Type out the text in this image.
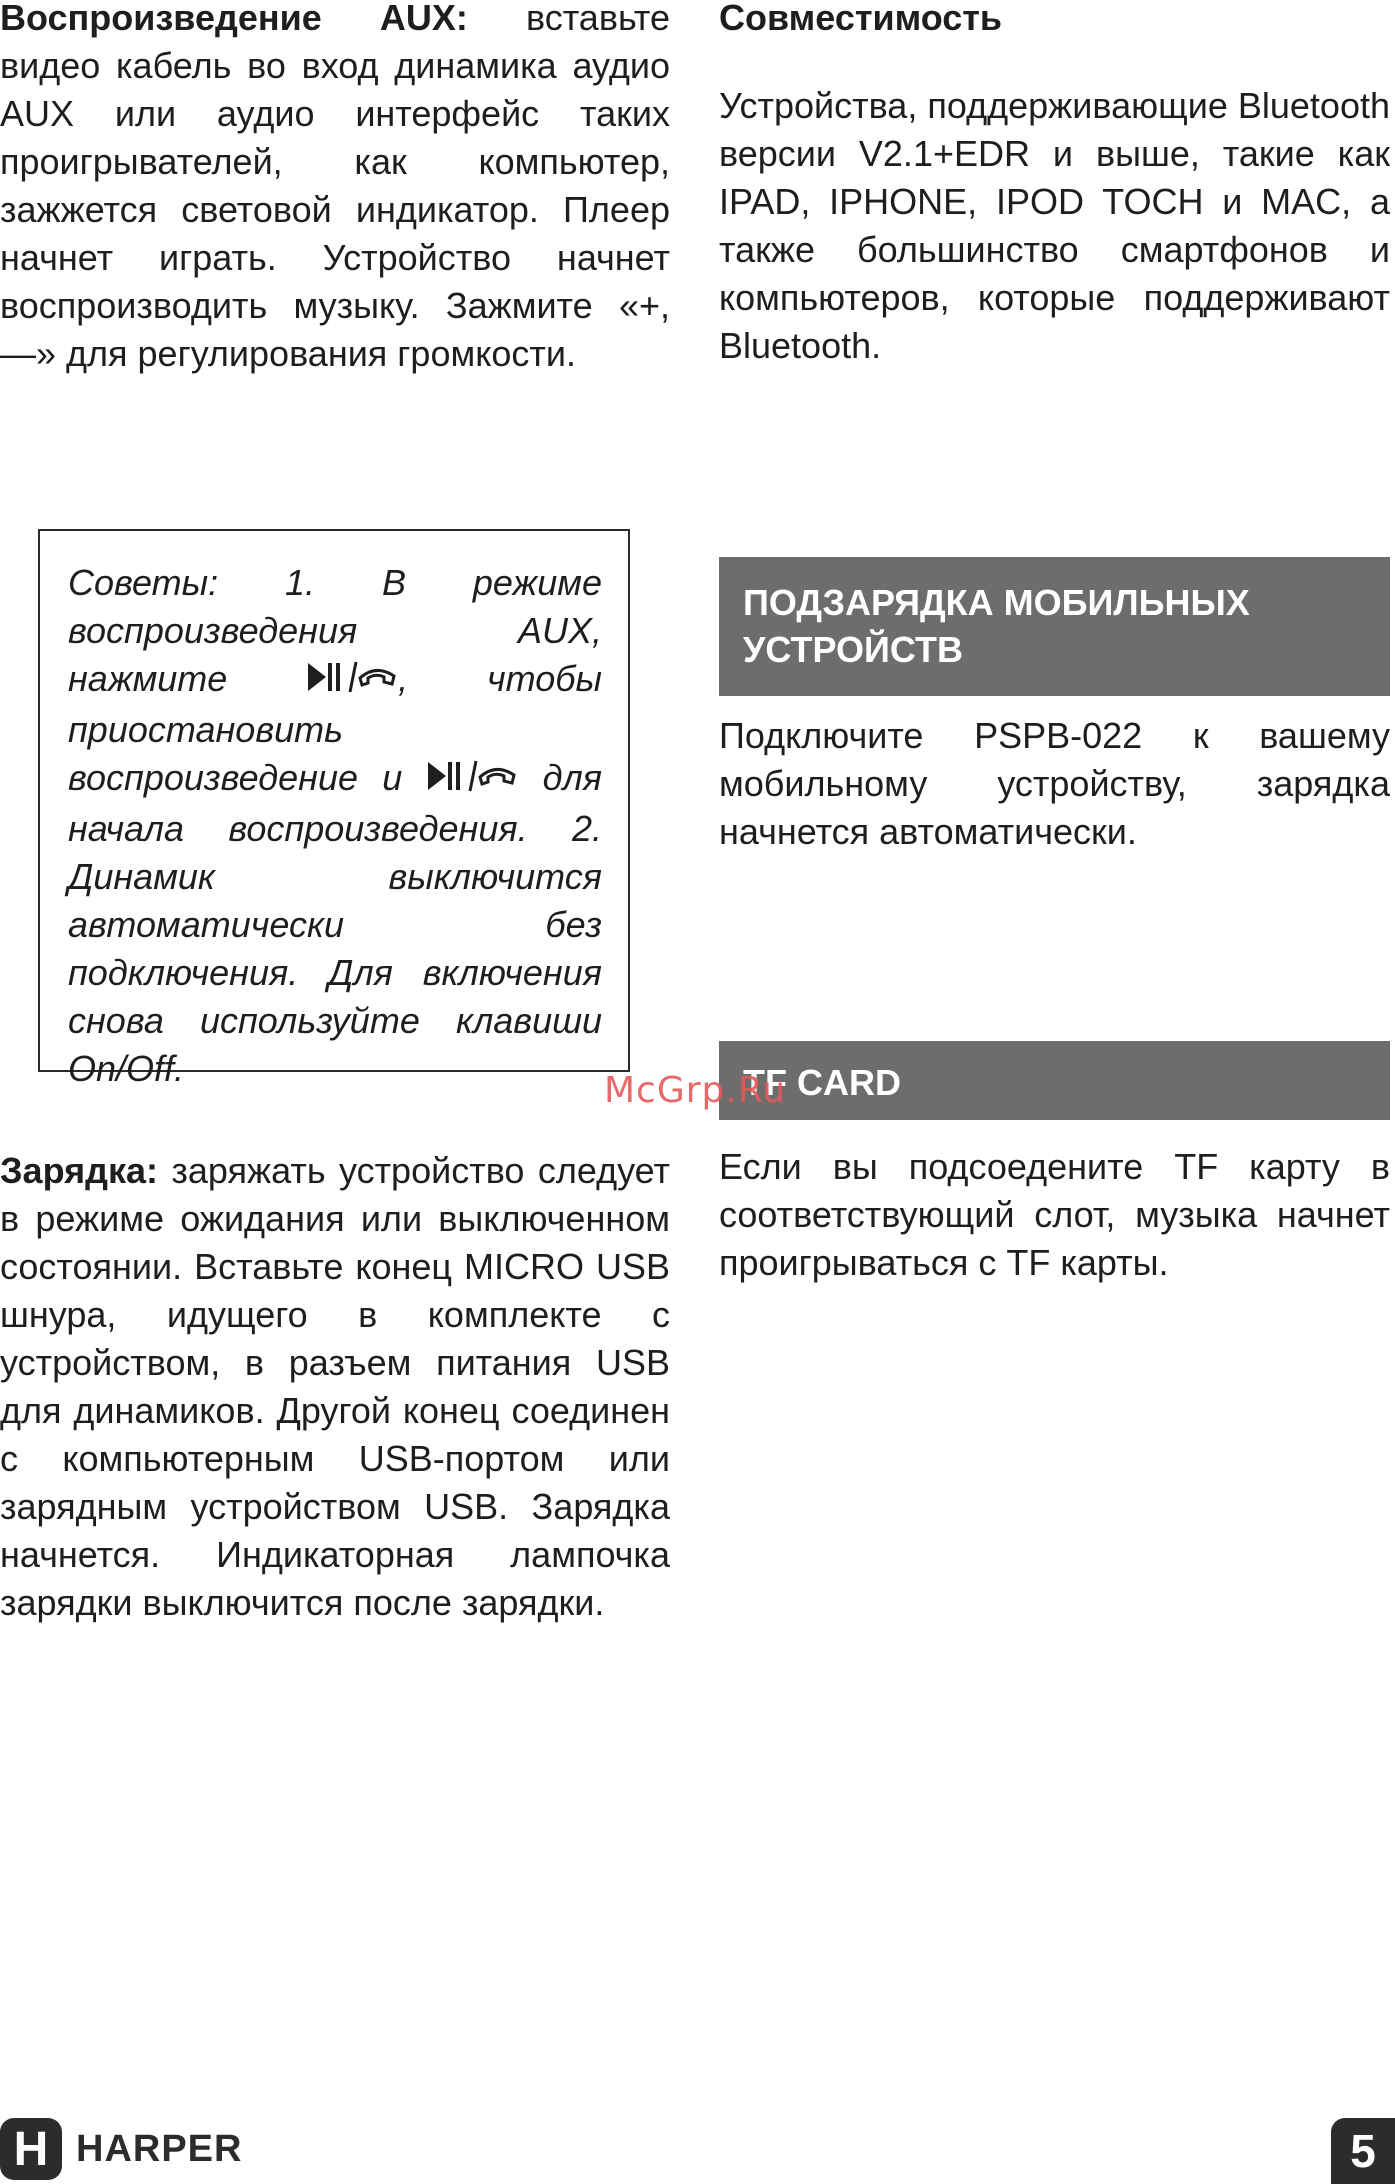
Воспроизведение AUX: вставьте видео кабель во вход динамика аудио AUX или аудио интерфейс таких проигрывателей, как компьютер, зажжется световой индикатор. Плеер начнет играть. Устройство начнет воспроизводить музыку. Зажмите «+, —» для регулирования громкости.

Советы: 1. В режиме воспроизведения AUX, нажмите	, чтобы приостановить воспроизведение и	для начала воспроизведения. 2. Динамик выключится автоматически без подключения. Для включения снова используйте клавиши On/Off.

Зарядка: заряжать устройство следует в режиме ожидания или выключенном состоянии. Вставьте конец MICRO USB шнура, идущего в комплекте с устройством, в разъем питания USB для динамиков. Другой конец соединен с компьютерным USB-портом или зарядным устройством USB. Зарядка начнется. Индикаторная лампочка зарядки выключится после зарядки.

Совместимость

Устройства, поддерживающие Bluetooth версии V2.1+EDR и выше, такие как IPAD, IPHONE, IPOD TOCH и MAC, а также большинство смартфонов и компьютеров, которые поддерживают Bluetooth.

ПОДЗАРЯДКА МОБИЛЬНЫХ УСТРОЙСТВ

Подключите PSPB-022 к вашему мобильному устройству, зарядка начнется автоматически.

TF CARD

Если вы подсоедените TF карту в соответствующий слот, музыка начнет проигрываться с TF карты.

McGrp.Ru
H HARPER	5
